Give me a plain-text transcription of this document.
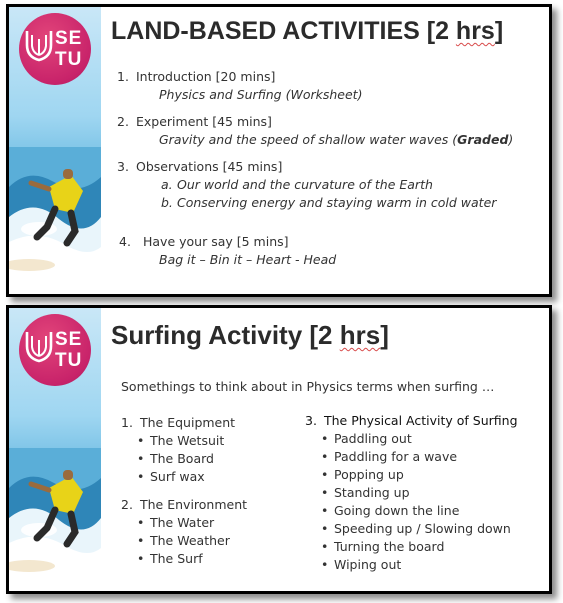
SE
TU
LAND-BASED ACTIVITIES [2 hrs]
1. Introduction [20 mins]
Physics and Surfing (Worksheet)
2. Experiment [45 mins]
Gravity and the speed of shallow water waves (Graded)
3. Observations [45 mins]
a. Our world and the curvature of the Earth
b. Conserving energy and staying warm in cold water
4. Have your say [5 mins]
Bag it – Bin it – Heart - Head
SE
TU
Surfing Activity [2 hrs]
Somethings to think about in Physics terms when surfing …
1. The Equipment
• The Wetsuit
• The Board
• Surf wax
2. The Environment
• The Water
• The Weather
• The Surf
3. The Physical Activity of Surfing
• Paddling out
• Paddling for a wave
• Popping up
• Standing up
• Going down the line
• Speeding up / Slowing down
• Turning the board
• Wiping out
